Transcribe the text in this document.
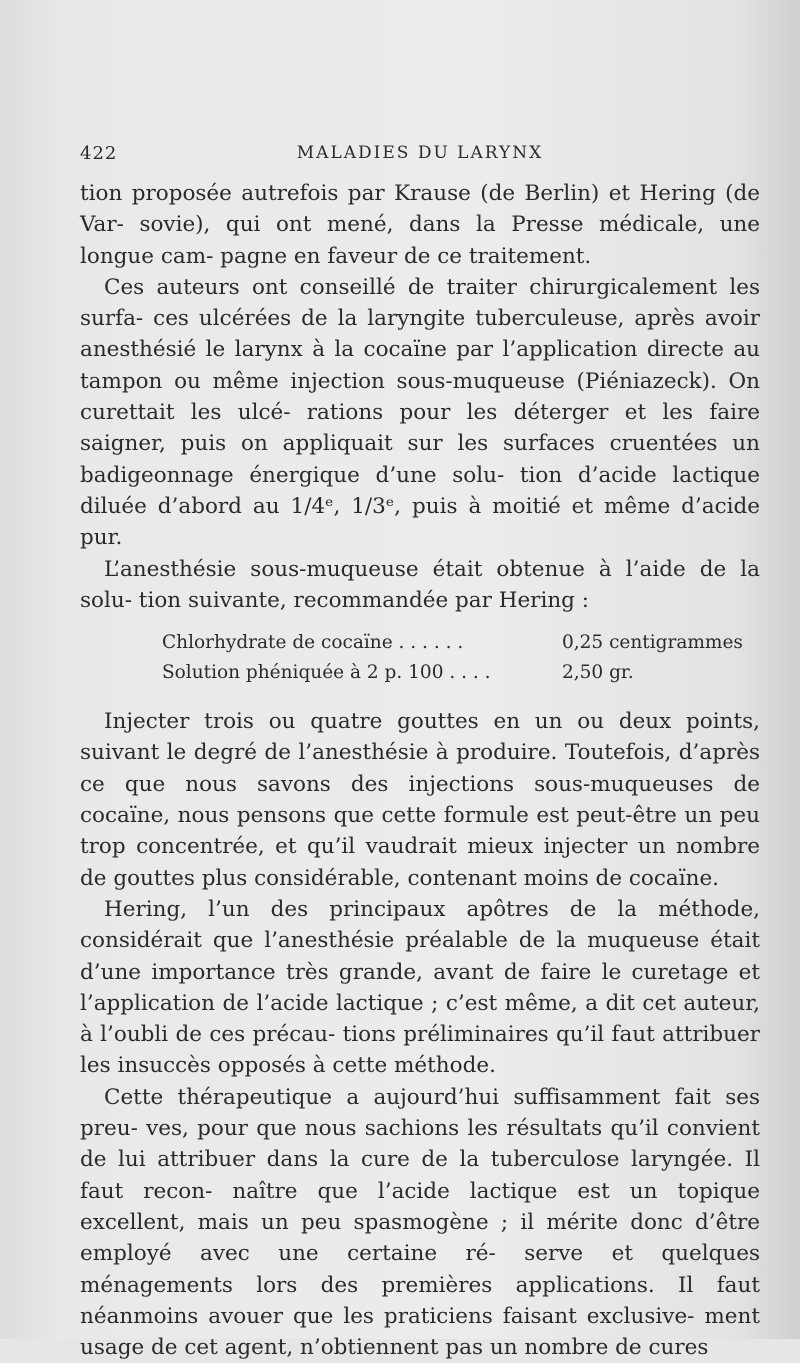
422	MALADIES DU LARYNX

tion proposée autrefois par Krause (de Berlin) et Hering (de Var- sovie), qui ont mené, dans la Presse médicale, une longue cam- pagne en faveur de ce traitement.

Ces auteurs ont conseillé de traiter chirurgicalement les surfa- ces ulcérées de la laryngite tuberculeuse, après avoir anesthésié le larynx à la cocaïne par l’application directe au tampon ou même injection sous-muqueuse (Piéniazeck). On curettait les ulcé- rations pour les déterger et les faire saigner, puis on appliquait sur les surfaces cruentées un badigeonnage énergique d’une solu- tion d’acide lactique diluée d’abord au 1/4ᵉ, 1/3ᵉ, puis à moitié et même d’acide pur.

L’anesthésie sous-muqueuse était obtenue à l’aide de la solu- tion suivante, recommandée par Hering :

Chlorhydrate de cocaïne . . . . . .	0,25 centigrammes
Solution phéniquée à 2 p. 100 . . . .	2,50 gr.

Injecter trois ou quatre gouttes en un ou deux points, suivant le degré de l’anesthésie à produire. Toutefois, d’après ce que nous savons des injections sous-muqueuses de cocaïne, nous pensons que cette formule est peut-être un peu trop concentrée, et qu’il vaudrait mieux injecter un nombre de gouttes plus considérable, contenant moins de cocaïne.

Hering, l’un des principaux apôtres de la méthode, considérait que l’anesthésie préalable de la muqueuse était d’une importance très grande, avant de faire le curetage et l’application de l’acide lactique ; c’est même, a dit cet auteur, à l’oubli de ces précau- tions préliminaires qu’il faut attribuer les insuccès opposés à cette méthode.

Cette thérapeutique a aujourd’hui suffisamment fait ses preu- ves, pour que nous sachions les résultats qu’il convient de lui attribuer dans la cure de la tuberculose laryngée. Il faut recon- naître que l’acide lactique est un topique excellent, mais un peu spasmogène ; il mérite donc d’être employé avec une certaine ré- serve et quelques ménagements lors des premières applications. Il faut néanmoins avouer que les praticiens faisant exclusive- ment usage de cet agent, n’obtiennent pas un nombre de cures
